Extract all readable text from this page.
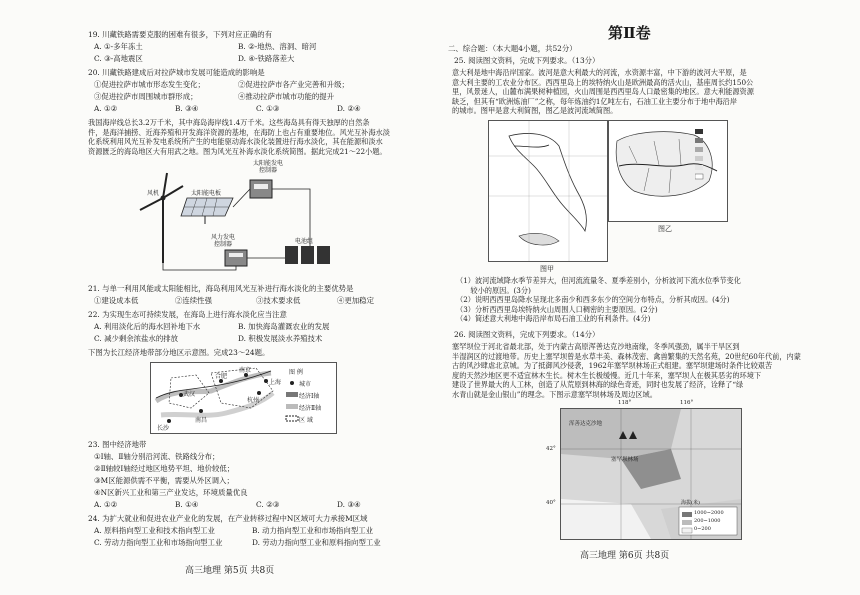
19. 川藏铁路需要克服的困难有很多，下列对应正确的有
A. ①-多年冻土	B. ②-地热、溶洞、暗河
C. ③-高地震区	D. ④-铁路落差大
20. 川藏铁路建成后对拉萨城市发展可能造成的影响是
①促进拉萨市城市形态发生变化；	②促进拉萨市各产业完善和升级；
③促进拉萨市周围城市群形成；	④推动拉萨市城市功能的提升
A. ①②	B. ③④	C. ①③	D. ②④
我国海岸线总长3.2万千米，其中海岛海岸线1.4万千米。这些海岛具有得天独厚的自然条
件，是海洋捕捞、近海养殖和开发海洋资源的基地，在海防上也占有重要地位。风光互补海水淡
化系统利用风光互补发电系统所产生的电能驱动海水淡化装置进行海水淡化，其在能源和淡水
资源匮乏的海岛地区大有用武之地。图为风光互补海水淡化系统简图。据此完成21～22小题。
风机	太阳能电板
太阳能发电
控制器
风力发电
控制器	电池组
21. 与单一利用风能或太阳能相比，海岛利用风光互补进行海水淡化的主要优势是
①建设成本低	②连续性强	③技术要求低	④更加稳定
22. 为实现生态可持续发展，在海岛上进行海水淡化应当注意
A. 利用淡化后的海水回补地下水	B. 加快海岛灌溉农业的发展
C. 减少剩余浓盐水的排放	D. 积极发展淡水养殖技术
下图为长江经济地带部分地区示意图。完成23～24题。
武汉
合肥
南京
上海
杭州
长沙
南昌
图 例
城市
经济Ⅰ轴
经济Ⅱ轴
区 域
23. 图中经济地带
①Ⅰ轴、Ⅱ轴分别沿河流、铁路线分布；
②Ⅱ轴较Ⅰ轴经过地区地势平坦、地价较低；
③M区能源供需不平衡，需要从外区调入；
④N区新兴工业和第三产业发达，环境质量优良
A. ①②	B. ①④	C. ②③	D. ③④
24. 为扩大就业和促进农业产业化的发展，在产业转移过程中N区域可大力承接M区域
A. 原料指向型工业和技术指向型工业	B. 动力指向型工业和市场指向型工业
C. 劳动力指向型工业和市场指向型工业	D. 劳动力指向型工业和原料指向型工业
高三地理 第5页 共8页
第Ⅱ卷
二、综合题：（本大题4小题，共52分）
25. 阅读图文资料，完成下列要求。（13分）
意大利是地中海沿岸国家。波河是意大利最大的河流，水资源丰富，中下游的波河大平原，是
意大利主要的工农业分布区。西西里岛上的埃特纳火山是欧洲最高的活火山，基座周长约150公
里，风景迷人，山麓布满果树种植园，火山周围是西西里岛人口最密集的地区。意大利能源资源
缺乏，但其有“欧洲炼油厂”之称，每年炼油约1亿吨左右，石油工业主要分布于地中海沿岸
的城市。图甲是意大利简图，图乙是波河流域简图。
图甲
图乙
（1）波河流域降水季节差异大，但河流流量冬、夏季差别小，分析波河下流水位季节变化
　　较小的原因。(3分)
（2）说明西西里岛降水呈现北多南少和西多东少的空间分布特点，分析其成因。(4分)
（3）分析西西里岛埃特纳火山周围人口稠密的主要原因。(2分)
（4）简述意大利地中海沿岸布局石油工业的有利条件。(4分)
26. 阅读图文资料，完成下列要求。（14分）
塞罕坝位于河北省最北部，处于内蒙古高原浑善达克沙地南缘，冬季风强劲，属半干旱区到
半湿润区的过渡地带。历史上塞罕坝曾是水草丰美、森林茂密、禽兽繁集的天然名苑，20世纪60年代前，内蒙
古的风沙肆虐北京城。为了抵御风沙侵袭，1962年塞罕坝林场正式组建。塞罕坝建场时条件比较艰苦
度的天然沙地区更不适宜林木生长。树木生长极缓慢。近几十年来，塞罕坝人在极其恶劣的环境下
建设了世界最大的人工林，创造了从荒原到林海的绿色奇迹，同时也发展了经济，诠释了“绿
水青山就是金山银山”的理念。下图示意塞罕坝林场及周边区域。
浑善达克沙地
塞罕坝林场
海拔(米)
1000~2000
200~1000
0~200
118°	116°
42°
40°
高三地理 第6页 共8页
